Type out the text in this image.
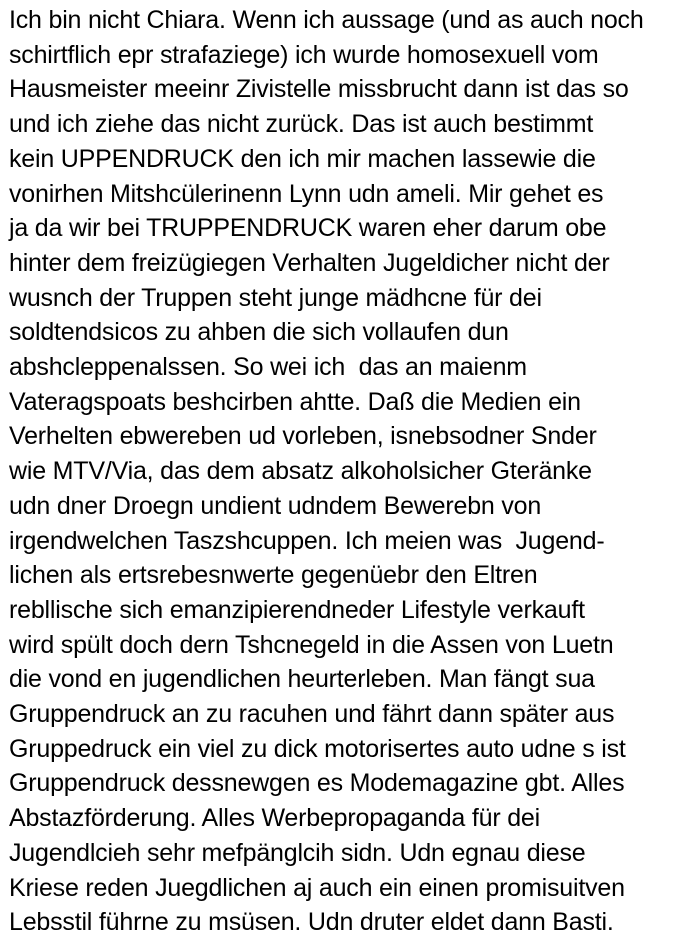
Ich bin nicht Chiara. Wenn ich aussage (und as auch noch
schirtflich epr strafaziege) ich wurde homosexuell vom
Hausmeister meeinr Zivistelle missbrucht dann ist das so
und ich ziehe das nicht zurück. Das ist auch bestimmt
kein UPPENDRUCK den ich mir machen lassewie die
vonirhen Mitshcülerinenn Lynn udn ameli. Mir gehet es
ja da wir bei TRUPPENDRUCK waren eher darum obe
hinter dem freizügiegen Verhalten Jugeldicher nicht der
wusnch der Truppen steht junge mädhcne für dei
soldtendsicos zu ahben die sich vollaufen dun
abshcleppenalssen. So wei ich  das an maienm
Vateragspoats beshcirben ahtte. Daß die Medien ein
Verhelten ebwereben ud vorleben, isnebsodner Snder
wie MTV/Via, das dem absatz alkoholsicher Gteränke
udn dner Droegn undient udndem Bewerebn von
irgendwelchen Taszshcuppen. Ich meien was  Jugend-
lichen als ertsrebesnwerte gegenüebr den Eltren
rebllische sich emanzipierendneder Lifestyle verkauft
wird spült doch dern Tshcnegeld in die Assen von Luetn
die vond en jugendlichen heurterleben. Man fängt sua
Gruppendruck an zu racuhen und fährt dann später aus
Gruppedruck ein viel zu dick motorisertes auto udne s ist
Gruppendruck dessnewgen es Modemagazine gbt. Alles
Abstazförderung. Alles Werbepropaganda für dei
Jugendlcieh sehr mefpänglcih sidn. Udn egnau diese
Kriese reden Juegdlichen aj auch ein einen promisuitven
Lebsstil führne zu msüsen. Udn druter eldet dann Basti.
